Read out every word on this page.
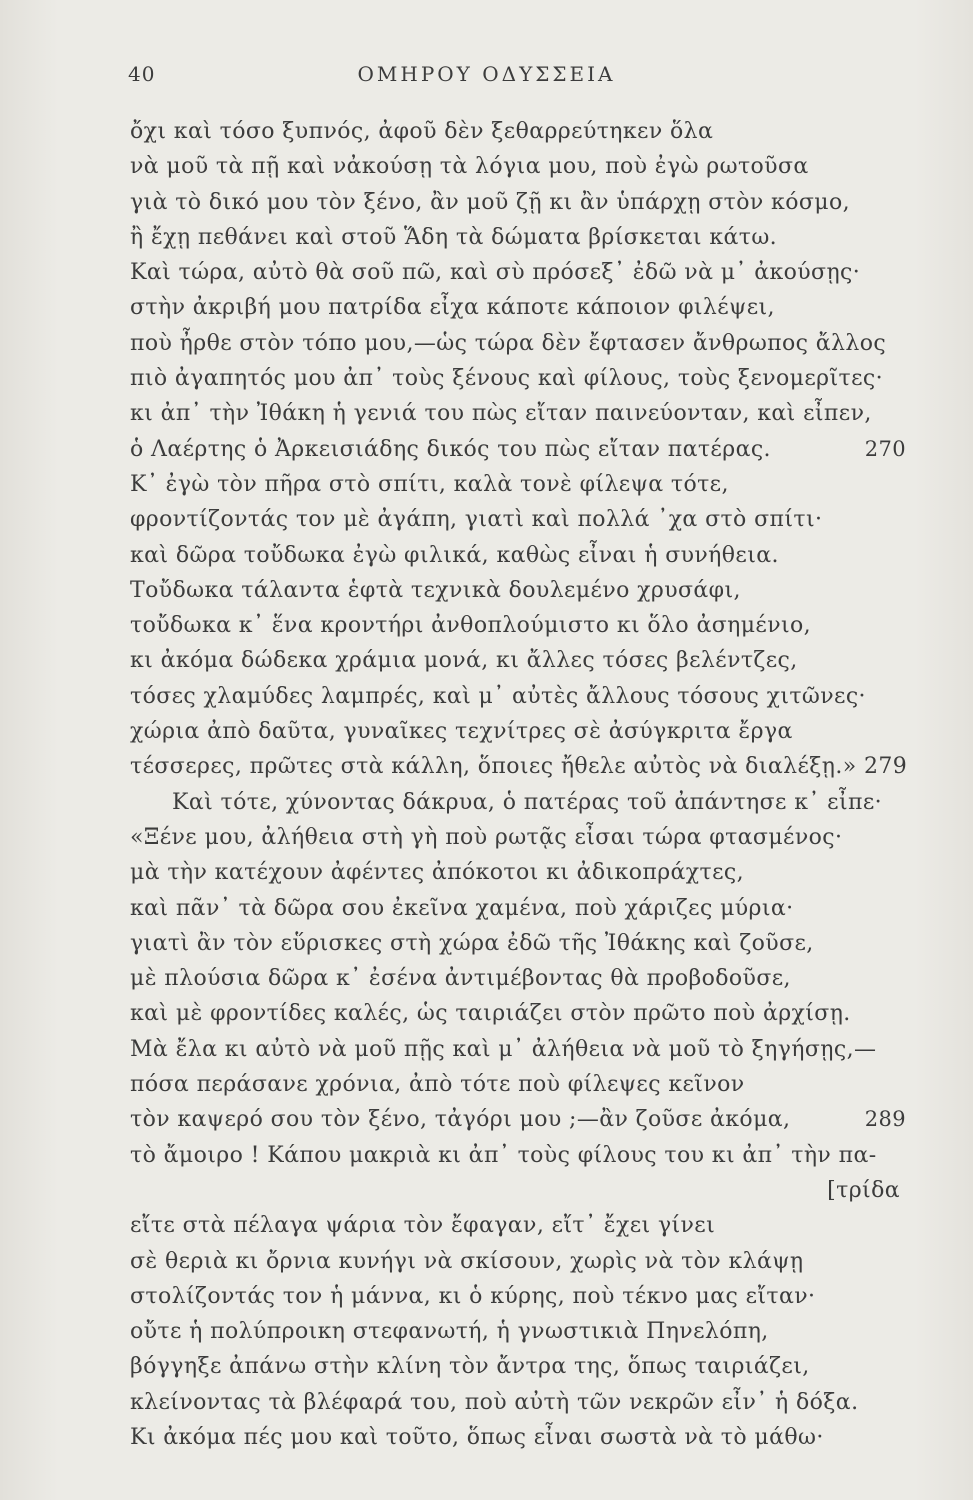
40	ΟΜΗΡΟΥ ΟΔΥΣΣΕΙΑ
ὄχι καὶ τόσο ξυπνός, ἀφοῦ δὲν ξεθαρρεύτηκεν ὅλα
νὰ μοῦ τὰ πῇ καὶ νἀκούσῃ τὰ λόγια μου, ποὺ ἐγὼ ρωτοῦσα
γιὰ τὸ δικό μου τὸν ξένο, ἂν μοῦ ζῇ κι ἂν ὑπάρχῃ στὸν κόσμο,
ἢ ἔχῃ πεθάνει καὶ στοῦ Ἅδη τὰ δώματα βρίσκεται κάτω.
Καὶ τώρα, αὐτὸ θὰ σοῦ πῶ, καὶ σὺ πρόσεξ᾽ ἐδῶ νὰ μ᾽ ἀκούσῃς·
στὴν ἀκριβή μου πατρίδα εἶχα κάποτε κάποιον φιλέψει,
ποὺ ἦρθε στὸν τόπο μου,—ὡς τώρα δὲν ἔφτασεν ἄνθρωπος ἄλλος
πιὸ ἀγαπητός μου ἀπ᾽ τοὺς ξένους καὶ φίλους, τοὺς ξενομερῖτες·
κι ἀπ᾽ τὴν Ἰθάκη ἡ γενιά του πὼς εἴταν παινεύονταν, καὶ εἶπεν,
ὁ Λαέρτης ὁ Ἀρκεισιάδης δικός του πὼς εἴταν πατέρας.	270
Κ᾽ ἐγὼ τὸν πῆρα στὸ σπίτι, καλὰ τονὲ φίλεψα τότε,
φροντίζοντάς τον μὲ ἀγάπη, γιατὶ καὶ πολλά ᾽χα στὸ σπίτι·
καὶ δῶρα τοὔδωκα ἐγὼ φιλικά, καθὼς εἶναι ἡ συνήθεια.
Τοὔδωκα τάλαντα ἑφτὰ τεχνικὰ δουλεμένο χρυσάφι,
τοὔδωκα κ᾽ ἕνα κροντήρι ἀνθοπλούμιστο κι ὅλο ἀσημένιο,
κι ἀκόμα δώδεκα χράμια μονά, κι ἄλλες τόσες βελέντζες,
τόσες χλαμύδες λαμπρές, καὶ μ᾽ αὐτὲς ἄλλους τόσους χιτῶνες·
χώρια ἀπὸ δαῦτα, γυναῖκες τεχνίτρες σὲ ἀσύγκριτα ἔργα
τέσσερες, πρῶτες στὰ κάλλη, ὅποιες ἤθελε αὐτὸς νὰ διαλέξῃ.» 279
Καὶ τότε, χύνοντας δάκρυα, ὁ πατέρας τοῦ ἀπάντησε κ᾽ εἶπε·
«Ξένε μου, ἀλήθεια στὴ γὴ ποὺ ρωτᾷς εἶσαι τώρα φτασμένος·
μὰ τὴν κατέχουν ἀφέντες ἀπόκοτοι κι ἀδικοπράχτες,
καὶ πᾶν᾽ τὰ δῶρα σου ἐκεῖνα χαμένα, ποὺ χάριζες μύρια·
γιατὶ ἂν τὸν εὕρισκες στὴ χώρα ἐδῶ τῆς Ἰθάκης καὶ ζοῦσε,
μὲ πλούσια δῶρα κ᾽ ἐσένα ἀντιμέβοντας θὰ προβοδοῦσε,
καὶ μὲ φροντίδες καλές, ὡς ταιριάζει στὸν πρῶτο ποὺ ἀρχίσῃ.
Μὰ ἔλα κι αὐτὸ νὰ μοῦ πῇς καὶ μ᾽ ἀλήθεια νὰ μοῦ τὸ ξηγήσῃς,—
πόσα περάσανε χρόνια, ἀπὸ τότε ποὺ φίλεψες κεῖνον
τὸν καψερό σου τὸν ξένο, τἀγόρι μου ;—ἂν ζοῦσε ἀκόμα,	289
τὸ ἄμοιρο ! Κάπου μακριὰ κι ἀπ᾽ τοὺς φίλους του κι ἀπ᾽ τὴν πα-
[τρίδα
εἴτε στὰ πέλαγα ψάρια τὸν ἔφαγαν, εἴτ᾽ ἔχει γίνει
σὲ θεριὰ κι ὄρνια κυνήγι νὰ σκίσουν, χωρὶς νὰ τὸν κλάψῃ
στολίζοντάς τον ἡ μάννα, κι ὁ κύρης, ποὺ τέκνο μας εἴταν·
οὔτε ἡ πολύπροικη στεφανωτή, ἡ γνωστικιὰ Πηνελόπη,
βόγγηξε ἀπάνω στὴν κλίνη τὸν ἄντρα της, ὅπως ταιριάζει,
κλείνοντας τὰ βλέφαρά του, ποὺ αὐτὴ τῶν νεκρῶν εἶν᾽ ἡ δόξα.
Κι ἀκόμα πές μου καὶ τοῦτο, ὅπως εἶναι σωστὰ νὰ τὸ μάθω·
